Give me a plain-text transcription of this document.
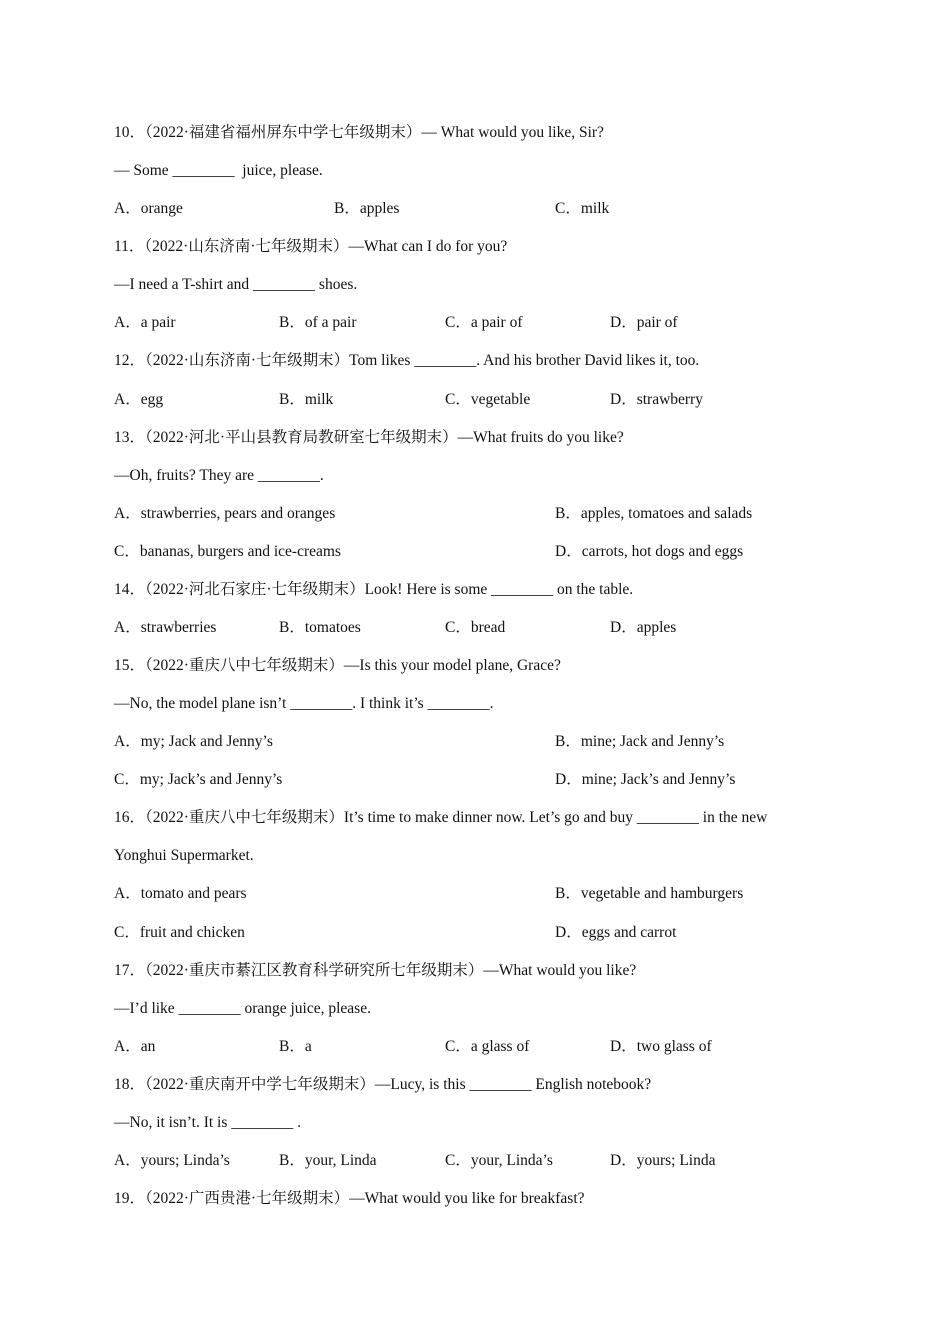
10．（2022·福建省福州屏东中学七年级期末）— What would you like, Sir?
— Some ________  juice, please.
A．orange	B．apples	C．milk
11．（2022·山东济南·七年级期末）—What can I do for you?
—I need a T-shirt and ________ shoes.
A．a pair	B．of a pair	C．a pair of	D．pair of
12．（2022·山东济南·七年级期末）Tom likes ________. And his brother David likes it, too.
A．egg	B．milk	C．vegetable	D．strawberry
13．（2022·河北·平山县教育局教研室七年级期末）—What fruits do you like?
—Oh, fruits? They are ________.
A．strawberries, pears and oranges	B．apples, tomatoes and salads
C．bananas, burgers and ice-creams	D．carrots, hot dogs and eggs
14．（2022·河北石家庄·七年级期末）Look! Here is some ________ on the table.
A．strawberries	B．tomatoes	C．bread	D．apples
15．（2022·重庆八中七年级期末）—Is this your model plane, Grace?
—No, the model plane isn’t ________. I think it’s ________.
A．my; Jack and Jenny’s	B．mine; Jack and Jenny’s
C．my; Jack’s and Jenny’s	D．mine; Jack’s and Jenny’s
16．（2022·重庆八中七年级期末）It’s time to make dinner now. Let’s go and buy ________ in the new
Yonghui Supermarket.
A．tomato and pears	B．vegetable and hamburgers
C．fruit and chicken	D．eggs and carrot
17．（2022·重庆市綦江区教育科学研究所七年级期末）—What would you like?
—I’d like ________ orange juice, please.
A．an	B．a	C．a glass of	D．two glass of
18．（2022·重庆南开中学七年级期末）—Lucy, is this ________ English notebook?
—No, it isn’t. It is ________ .
A．yours; Linda’s	B．your, Linda	C．your, Linda’s	D．yours; Linda
19．（2022·广西贵港·七年级期末）—What would you like for breakfast?
